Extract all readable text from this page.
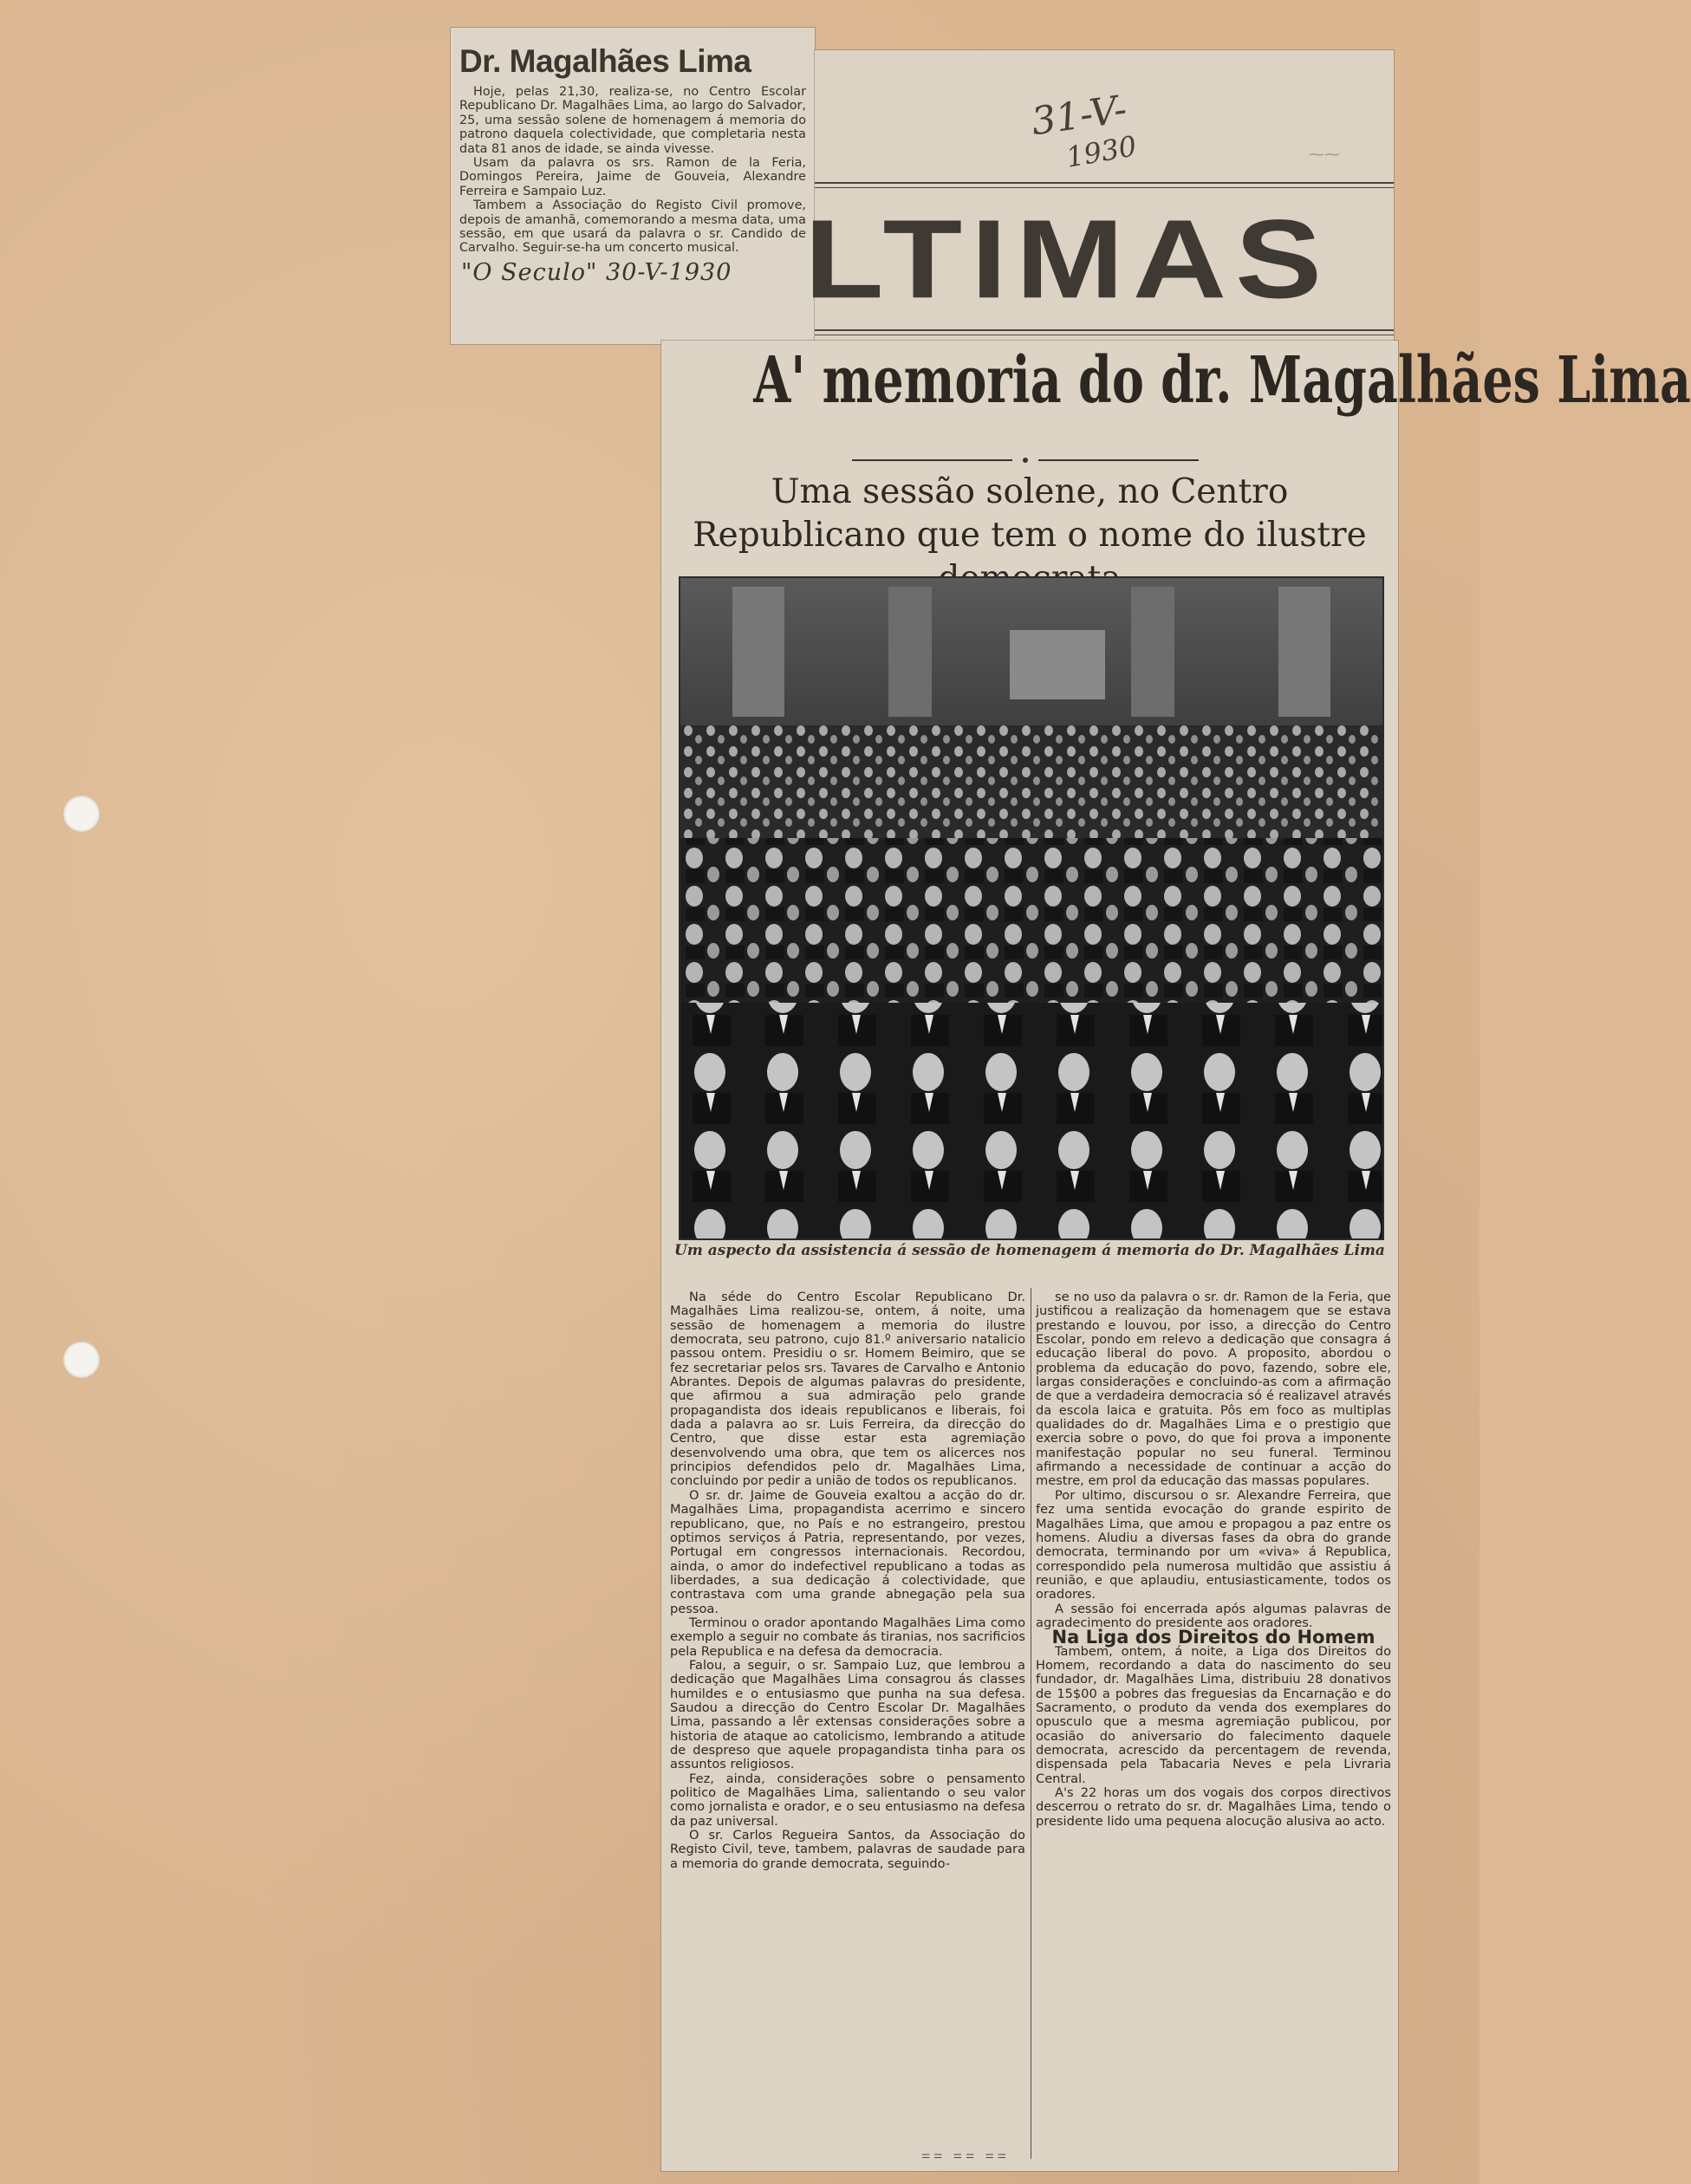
Dr. Magalhães Lima

Hoje, pelas 21,30, realiza-se, no Centro Escolar Republicano Dr. Magalhães Lima, ao largo do Salvador, 25, uma sessão solene de homenagem á memoria do patrono daquela colectividade, que completaria nesta data 81 anos de idade, se ainda vivesse.

Usam da palavra os srs. Ramon de la Feria, Domingos Pereira, Jaime de Gouveia, Alexandre Ferreira e Sampaio Luz.

Tambem a Associação do Registo Civil promove, depois de amanhã, comemorando a mesma data, uma sessão, em que usará da palavra o sr. Candido de Carvalho. Seguir-se-ha um concerto musical.

"O Seculo" 30-V-1930
31-V-
1930	⁓⁓
LTIMAS
A' memoria do dr. Magalhães Lima
Uma sessão solene, no Centro Republicano que tem o nome do ilustre
Um aspecto da assistencia á sessão de homenagem á memoria do Dr. Magalhães Lima

Na séde do Centro Escolar Republicano Dr. Magalhães Lima realizou-se, ontem, á noite, uma sessão de homenagem a memoria do ilustre democrata, seu patrono, cujo 81.º aniversario natalicio passou ontem. Presidiu o sr. Homem Beimiro, que se fez secretariar pelos srs. Tavares de Carvalho e Antonio Abrantes. Depois de algumas palavras do presidente, que afirmou a sua admiração pelo grande propagandista dos ideais republicanos e liberais, foi dada a palavra ao sr. Luis Ferreira, da direcção do Centro, que disse estar esta agremiação desenvolvendo uma obra, que tem os alicerces nos principios defendidos pelo dr. Magalhães Lima, concluindo por pedir a união de todos os republicanos.

O sr. dr. Jaime de Gouveia exaltou a acção do dr. Magalhães Lima, propagandista acerrimo e sincero republicano, que, no País e no estrangeiro, prestou optimos serviços á Patria, representando, por vezes, Portugal em congressos internacionais. Recordou, ainda, o amor do indefectivel republicano a todas as liberdades, a sua dedicação á colectividade, que contrastava com uma grande abnegação pela sua pessoa.

Terminou o orador apontando Magalhães Lima como exemplo a seguir no combate ás tiranias, nos sacrificios pela Republica e na defesa da democracia.

Falou, a seguir, o sr. Sampaio Luz, que lembrou a dedicação que Magalhães Lima consagrou ás classes humildes e o entusiasmo que punha na sua defesa. Saudou a direcção do Centro Escolar Dr. Magalhães Lima, passando a lêr extensas considerações sobre a historia de ataque ao catolicismo, lembrando a atitude de despreso que aquele propagandista tinha para os assuntos religiosos.

Fez, ainda, considerações sobre o pensamento politico de Magalhães Lima, salientando o seu valor como jornalista e orador, e o seu entusiasmo na defesa da paz universal.

O sr. Carlos Regueira Santos, da Associação do Registo Civil, teve, tambem, palavras de saudade para a memoria do grande democrata, seguindo-

se no uso da palavra o sr. dr. Ramon de la Feria, que justificou a realização da homenagem que se estava prestando e louvou, por isso, a direcção do Centro Escolar, pondo em relevo a dedicação que consagra á educação liberal do povo. A proposito, abordou o problema da educação do povo, fazendo, sobre ele, largas considerações e concluindo-as com a afirmação de que a verdadeira democracia só é realizavel através da escola laica e gratuita. Pôs em foco as multiplas qualidades do dr. Magalhães Lima e o prestigio que exercia sobre o povo, do que foi prova a imponente manifestação popular no seu funeral. Terminou afirmando a necessidade de continuar a acção do mestre, em prol da educação das massas populares.

Por ultimo, discursou o sr. Alexandre Ferreira, que fez uma sentida evocação do grande espirito de Magalhães Lima, que amou e propagou a paz entre os homens. Aludiu a diversas fases da obra do grande democrata, terminando por um «viva» á Republica, correspondido pela numerosa multidão que assistiu á reunião, e que aplaudiu, entusiasticamente, todos os oradores.

A sessão foi encerrada após algumas palavras de agradecimento do presidente aos oradores.

Na Liga dos Direitos do Homem

Tambem, ontem, á noite, a Liga dos Direitos do Homem, recordando a data do nascimento do seu fundador, dr. Magalhães Lima, distribuiu 28 donativos de 15$00 a pobres das freguesias da Encarnação e do Sacramento, o produto da venda dos exemplares do opusculo que a mesma agremiação publicou, por ocasião do aniversario do falecimento daquele democrata, acrescido da percentagem de revenda, dispensada pela Tabacaria Neves e pela Livraria Central.

A's 22 horas um dos vogais dos corpos directivos descerrou o retrato do sr. dr. Magalhães Lima, tendo o presidente lido uma pequena alocução alusiva ao acto.

== == ==
